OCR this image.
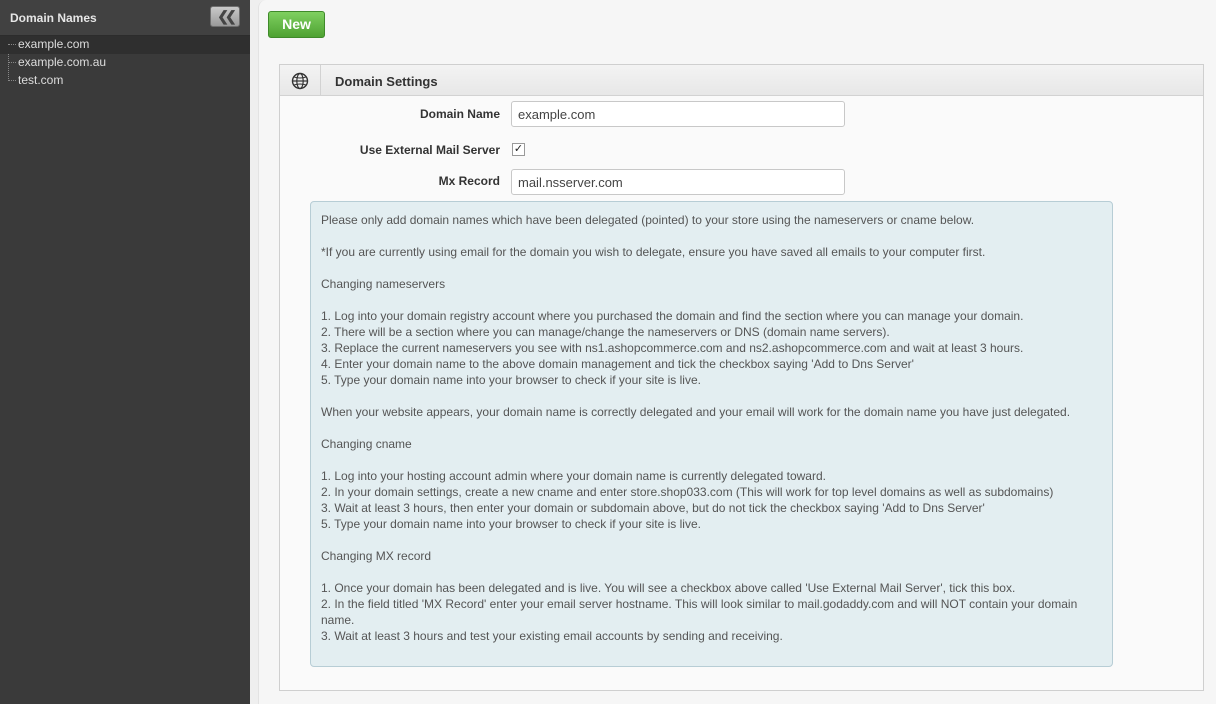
Domain Names	❮❮
example.com
example.com.au
test.com
New
Domain Settings
Domain Name
example.com
Use External Mail Server ✓
Mx Record
mail.nsserver.com

Please only add domain names which have been delegated (pointed) to your store using the nameservers or cname below.

*If you are currently using email for the domain you wish to delegate, ensure you have saved all emails to your computer first.

Changing nameservers

1. Log into your domain registry account where you purchased the domain and find the section where you can manage your domain.

2. There will be a section where you can manage/change the nameservers or DNS (domain name servers).

3. Replace the current nameservers you see with ns1.ashopcommerce.com and ns2.ashopcommerce.com and wait at least 3 hours.

4. Enter your domain name to the above domain management and tick the checkbox saying 'Add to Dns Server'

5. Type your domain name into your browser to check if your site is live.

When your website appears, your domain name is correctly delegated and your email will work for the domain name you have just delegated.

Changing cname

1. Log into your hosting account admin where your domain name is currently delegated toward.

2. In your domain settings, create a new cname and enter store.shop033.com (This will work for top level domains as well as subdomains)

3. Wait at least 3 hours, then enter your domain or subdomain above, but do not tick the checkbox saying 'Add to Dns Server'

5. Type your domain name into your browser to check if your site is live.

Changing MX record

1. Once your domain has been delegated and is live. You will see a checkbox above called 'Use External Mail Server', tick this box.

2. In the field titled 'MX Record' enter your email server hostname. This will look similar to mail.godaddy.com and will NOT contain your domain name.

3. Wait at least 3 hours and test your existing email accounts by sending and receiving.
